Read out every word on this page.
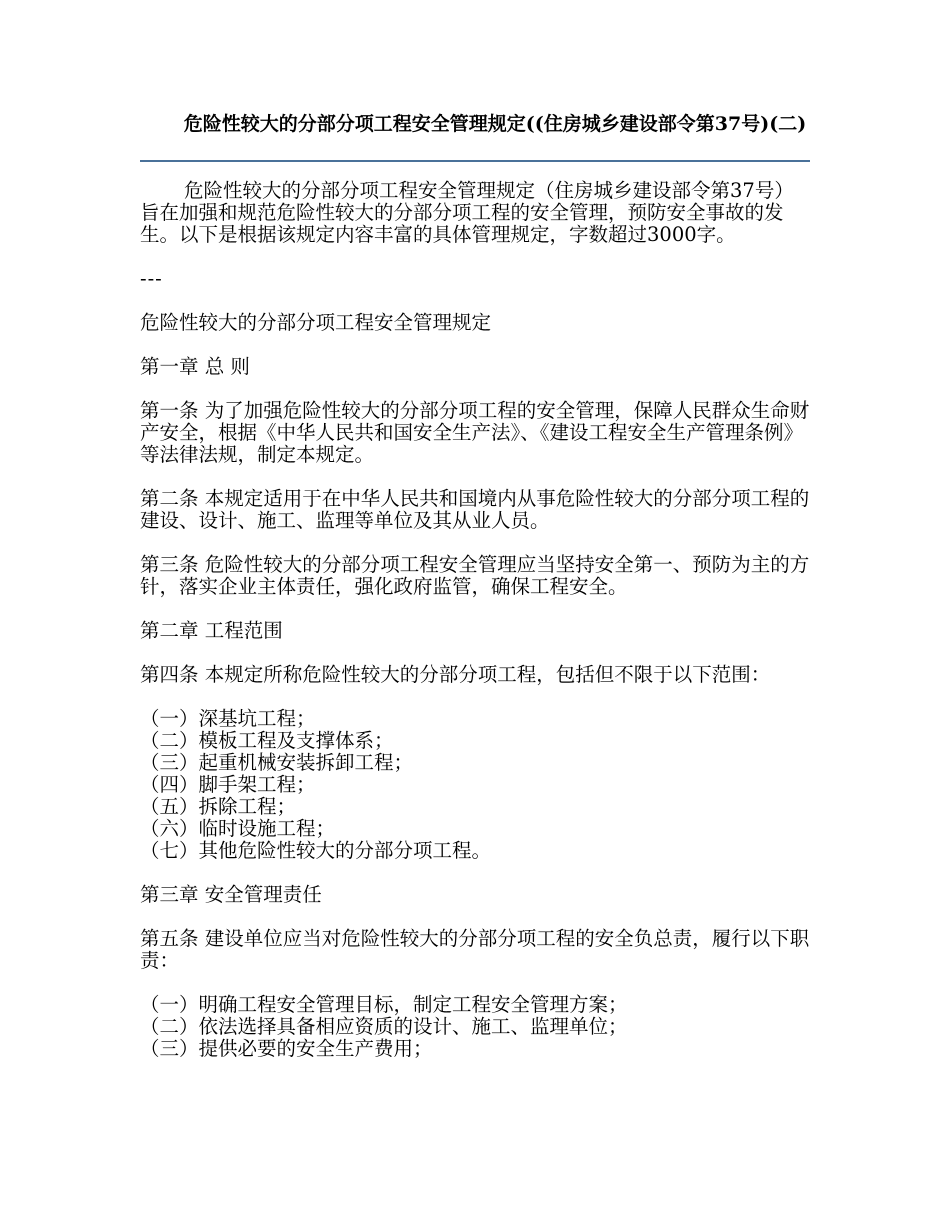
危险性较大的分部分项工程安全管理规定((住房城乡建设部令第37号)(二)

危险性较大的分部分项工程安全管理规定（住房城乡建设部令第37号）旨在加强和规范危险性较大的分部分项工程的安全管理，预防安全事故的发生。以下是根据该规定内容丰富的具体管理规定，字数超过3000字。

---

危险性较大的分部分项工程安全管理规定

第一章 总 则

第一条 为了加强危险性较大的分部分项工程的安全管理，保障人民群众生命财产安全，根据《中华人民共和国安全生产法》、《建设工程安全生产管理条例》等法律法规，制定本规定。

第二条 本规定适用于在中华人民共和国境内从事危险性较大的分部分项工程的建设、设计、施工、监理等单位及其从业人员。

第三条 危险性较大的分部分项工程安全管理应当坚持安全第一、预防为主的方针，落实企业主体责任，强化政府监管，确保工程安全。

第二章 工程范围

第四条 本规定所称危险性较大的分部分项工程，包括但不限于以下范围：

（一）深基坑工程；
（二）模板工程及支撑体系；
（三）起重机械安装拆卸工程；
（四）脚手架工程；
（五）拆除工程；
（六）临时设施工程；
（七）其他危险性较大的分部分项工程。

第三章 安全管理责任

第五条 建设单位应当对危险性较大的分部分项工程的安全负总责，履行以下职责：

（一）明确工程安全管理目标，制定工程安全管理方案；
（二）依法选择具备相应资质的设计、施工、监理单位；
（三）提供必要的安全生产费用；
